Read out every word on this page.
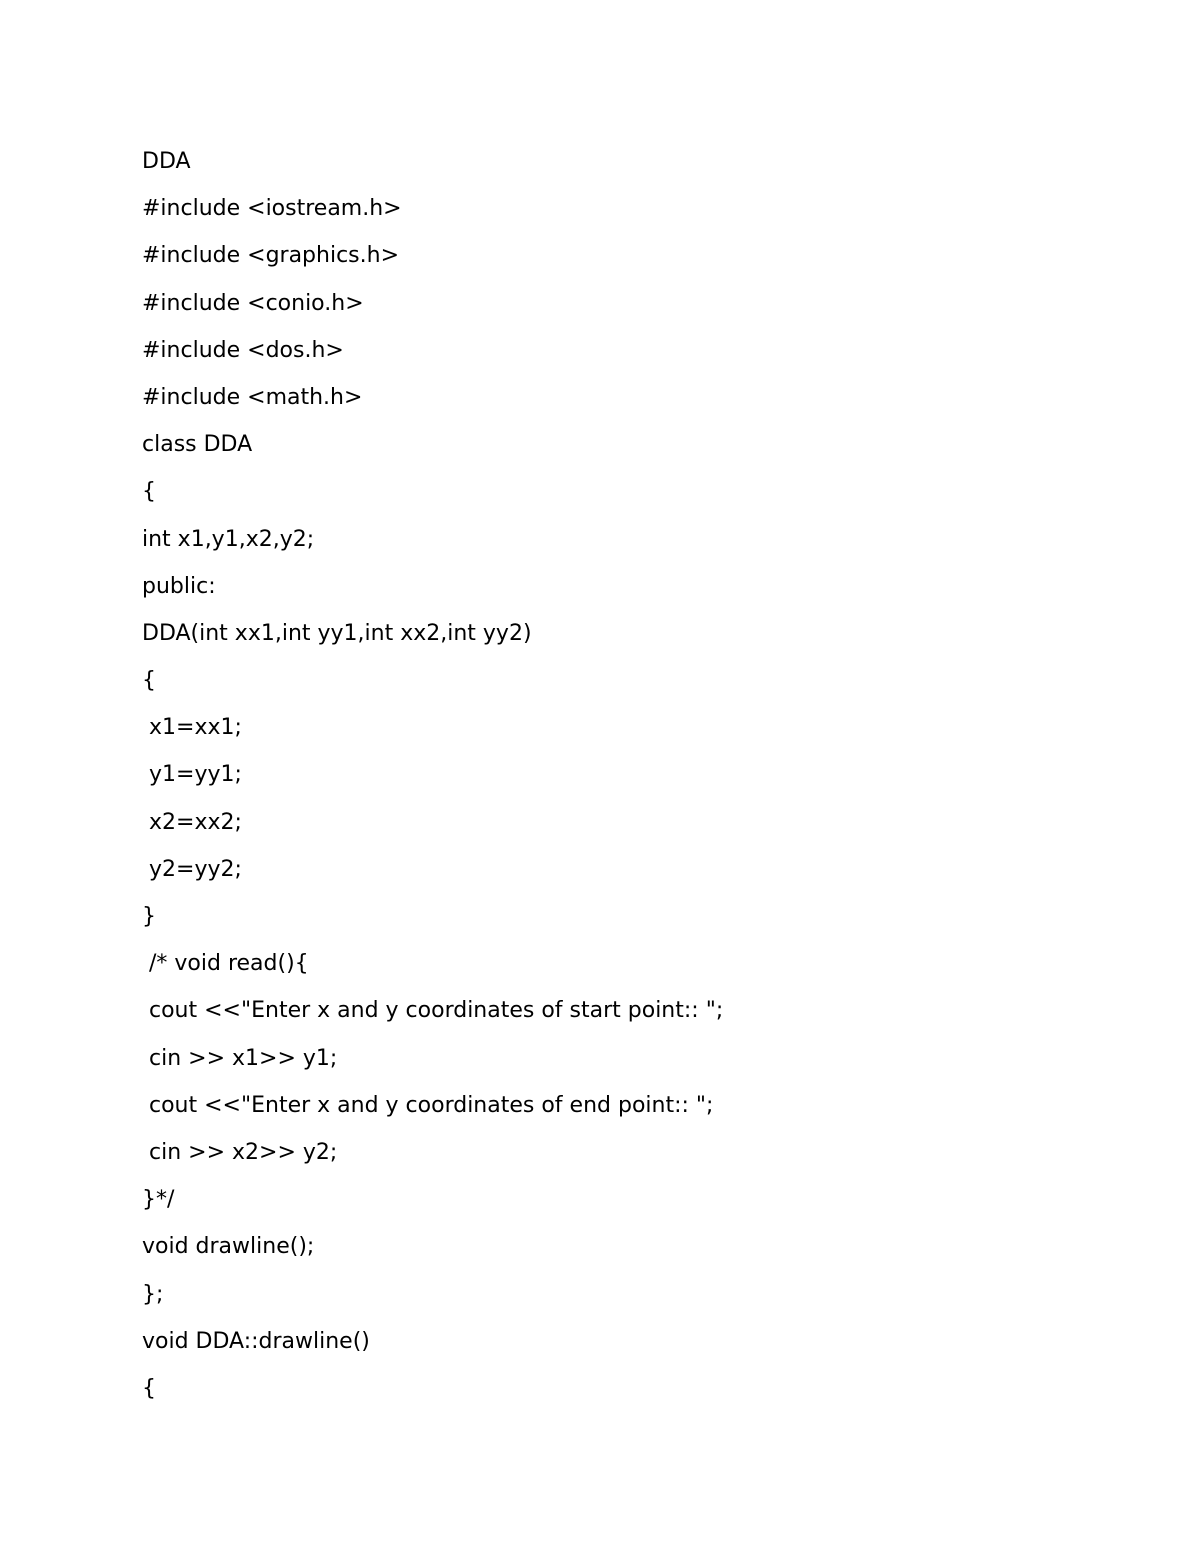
DDA

#include <iostream.h>

#include <graphics.h>

#include <conio.h>

#include <dos.h>

#include <math.h>

class DDA

{

int x1,y1,x2,y2;

public:

DDA(int xx1,int yy1,int xx2,int yy2)

{

x1=xx1;

y1=yy1;

x2=xx2;

y2=yy2;

}

/* void read(){

cout <<"Enter x and y coordinates of start point:: ";

cin >> x1>> y1;

cout <<"Enter x and y coordinates of end point:: ";

cin >> x2>> y2;

}*/

void drawline();

};

void DDA::drawline()

{
